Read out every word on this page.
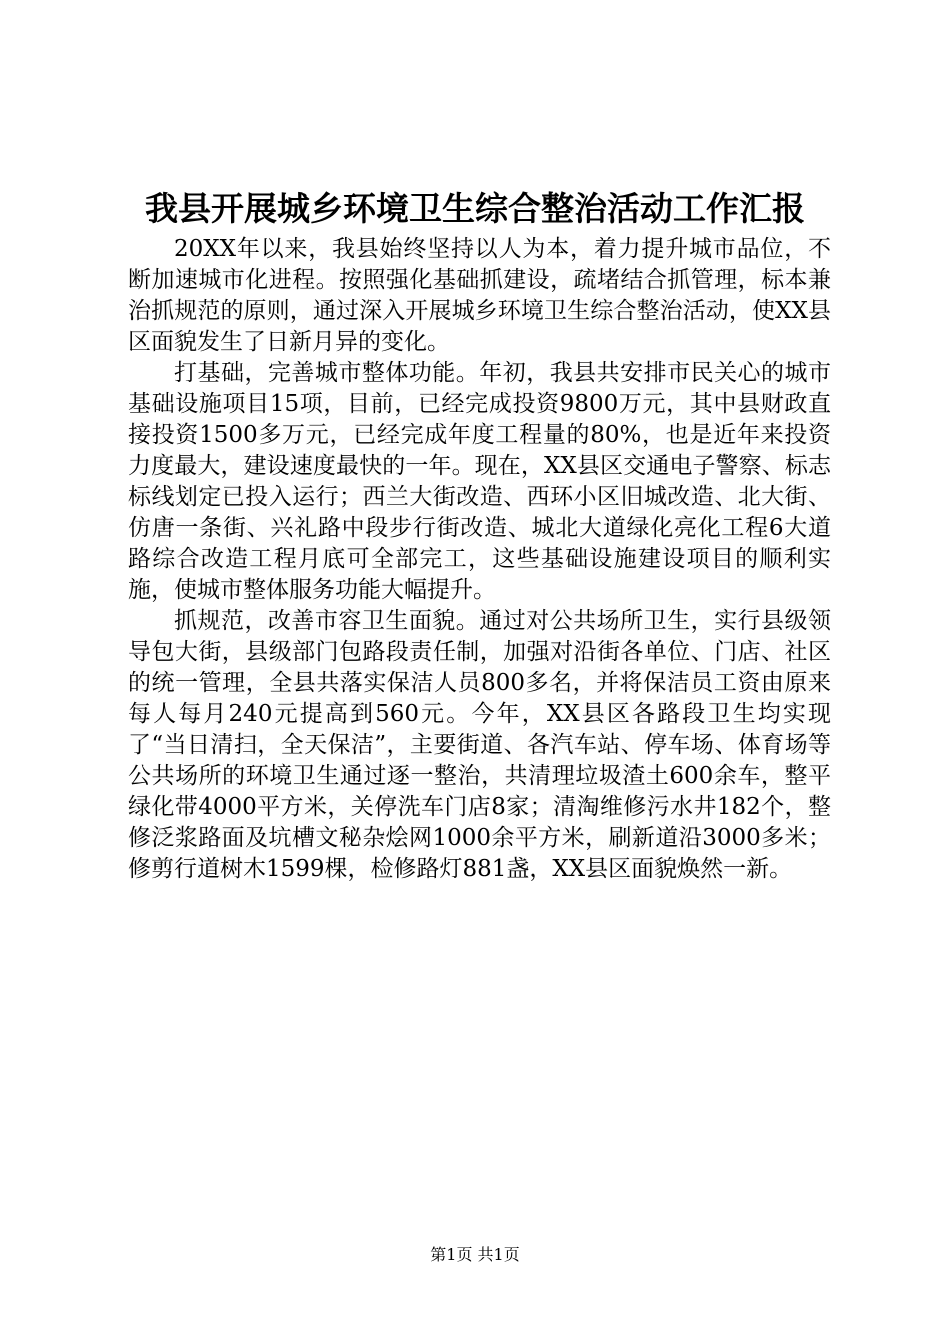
我县开展城乡环境卫生综合整治活动工作汇报

20XX年以来，我县始终坚持以人为本，着力提升城市品位，不断加速城市化进程。按照强化基础抓建设，疏堵结合抓管理，标本兼治抓规范的原则，通过深入开展城乡环境卫生综合整治活动，使XX县区面貌发生了日新月异的变化。

打基础，完善城市整体功能。年初，我县共安排市民关心的城市基础设施项目15项，目前，已经完成投资9800万元，其中县财政直接投资1500多万元，已经完成年度工程量的80%，也是近年来投资力度最大，建设速度最快的一年。现在，XX县区交通电子警察、标志标线划定已投入运行；西兰大街改造、西环小区旧城改造、北大街、仿唐一条街、兴礼路中段步行街改造、城北大道绿化亮化工程6大道路综合改造工程月底可全部完工，这些基础设施建设项目的顺利实施，使城市整体服务功能大幅提升。

抓规范，改善市容卫生面貌。通过对公共场所卫生，实行县级领导包大街，县级部门包路段责任制，加强对沿街各单位、门店、社区的统一管理，全县共落实保洁人员800多名，并将保洁员工资由原来每人每月240元提高到560元。今年，XX县区各路段卫生均实现了“当日清扫，全天保洁”，主要街道、各汽车站、停车场、体育场等公共场所的环境卫生通过逐一整治，共清理垃圾渣土600余车，整平绿化带4000平方米，关停洗车门店8家；清淘维修污水井182个，整修泛浆路面及坑槽文秘杂烩网1000余平方米，刷新道沿3000多米；修剪行道树木1599棵，检修路灯881盏，XX县区面貌焕然一新。

第1页 共1页
